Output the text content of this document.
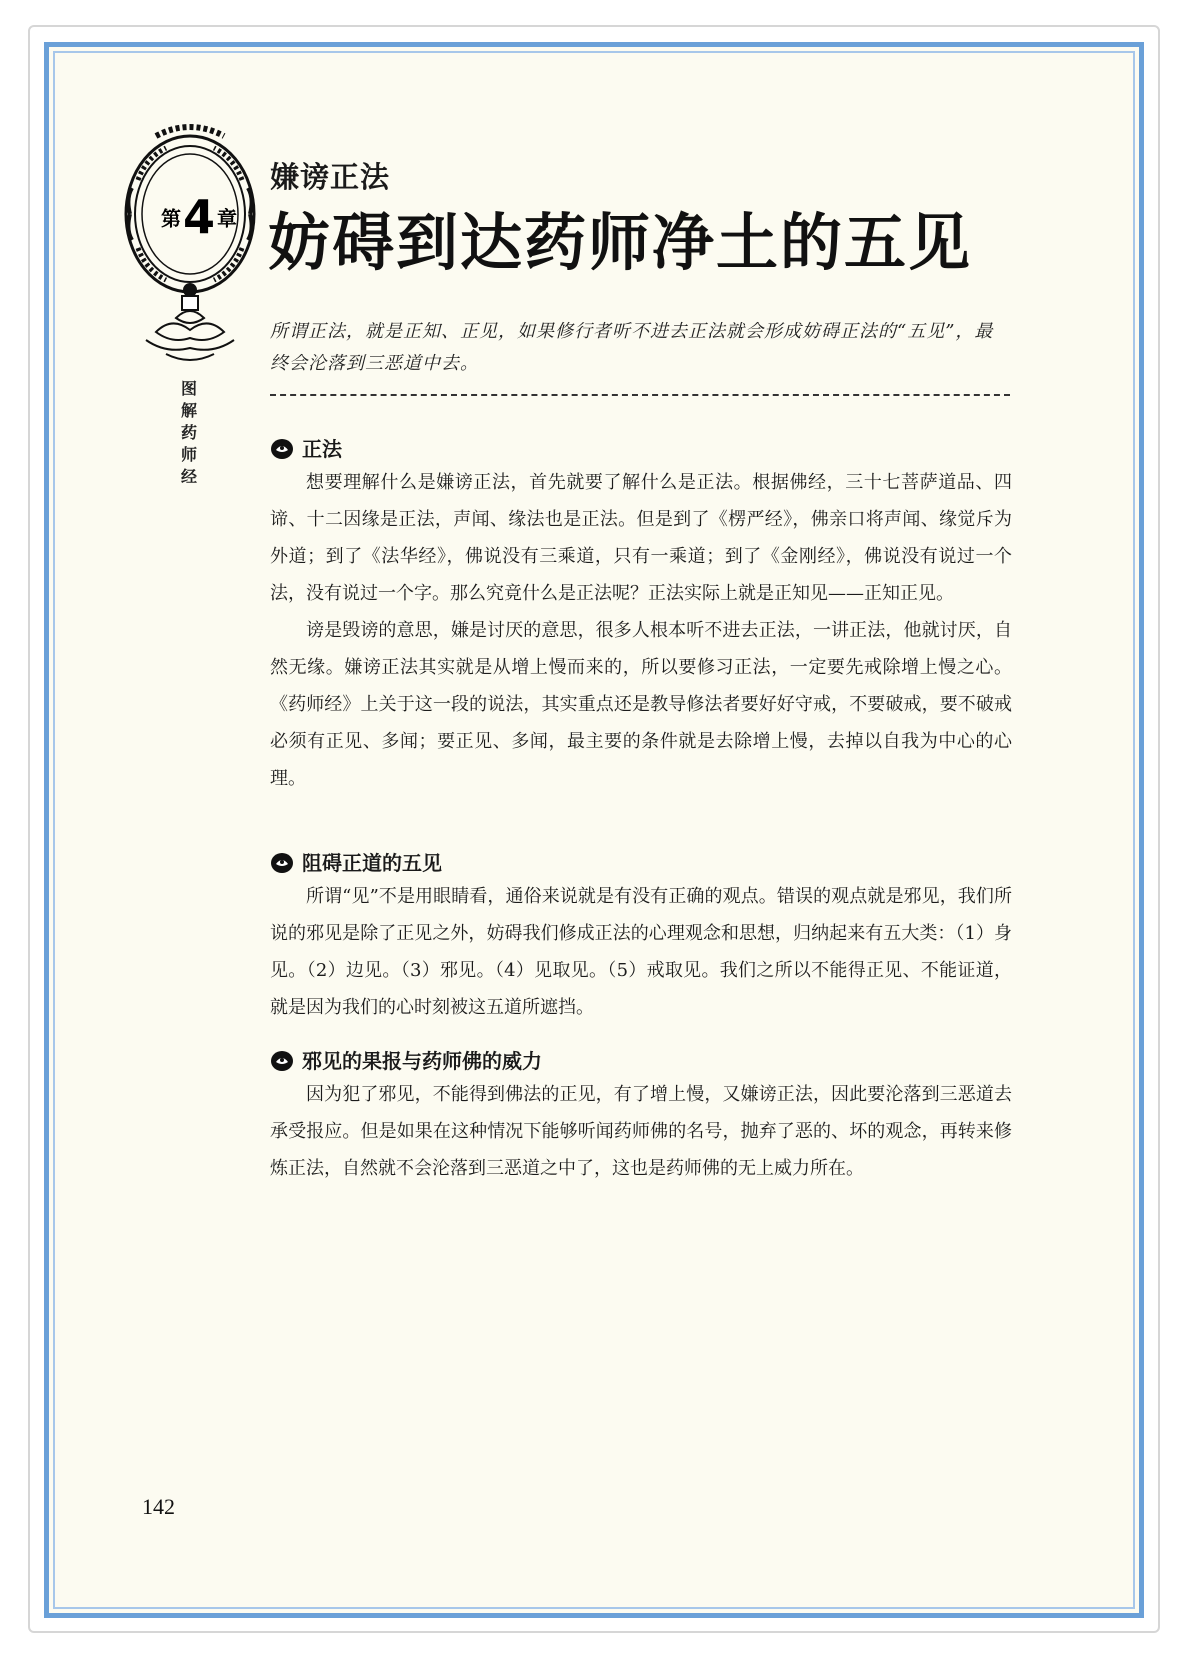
第4 章
图
解
药
师
经
嫌谤正法
妨碍到达药师净土的五见
所谓正法，就是正知、正见，如果修行者听不进去正法就会形成妨碍正法的“五见”，最终会沦落到三恶道中去。
正法

想要理解什么是嫌谤正法，首先就要了解什么是正法。根据佛经，三十七菩萨道品、四谛、十二因缘是正法，声闻、缘法也是正法。但是到了《楞严经》，佛亲口将声闻、缘觉斥为外道；到了《法华经》，佛说没有三乘道，只有一乘道；到了《金刚经》，佛说没有说过一个法，没有说过一个字。那么究竟什么是正法呢？正法实际上就是正知见——正知正见。

谤是毁谤的意思，嫌是讨厌的意思，很多人根本听不进去正法，一讲正法，他就讨厌，自然无缘。嫌谤正法其实就是从增上慢而来的，所以要修习正法，一定要先戒除增上慢之心。《药师经》上关于这一段的说法，其实重点还是教导修法者要好好守戒，不要破戒，要不破戒必须有正见、多闻；要正见、多闻，最主要的条件就是去除增上慢，去掉以自我为中心的心理。

阻碍正道的五见

所谓“见”不是用眼睛看，通俗来说就是有没有正确的观点。错误的观点就是邪见，我们所说的邪见是除了正见之外，妨碍我们修成正法的心理观念和思想，归纳起来有五大类：（1）身见。（2）边见。（3）邪见。（4）见取见。（5）戒取见。我们之所以不能得正见、不能证道，就是因为我们的心时刻被这五道所遮挡。

邪见的果报与药师佛的威力

因为犯了邪见，不能得到佛法的正见，有了增上慢，又嫌谤正法，因此要沦落到三恶道去承受报应。但是如果在这种情况下能够听闻药师佛的名号，抛弃了恶的、坏的观念，再转来修炼正法，自然就不会沦落到三恶道之中了，这也是药师佛的无上威力所在。

142
